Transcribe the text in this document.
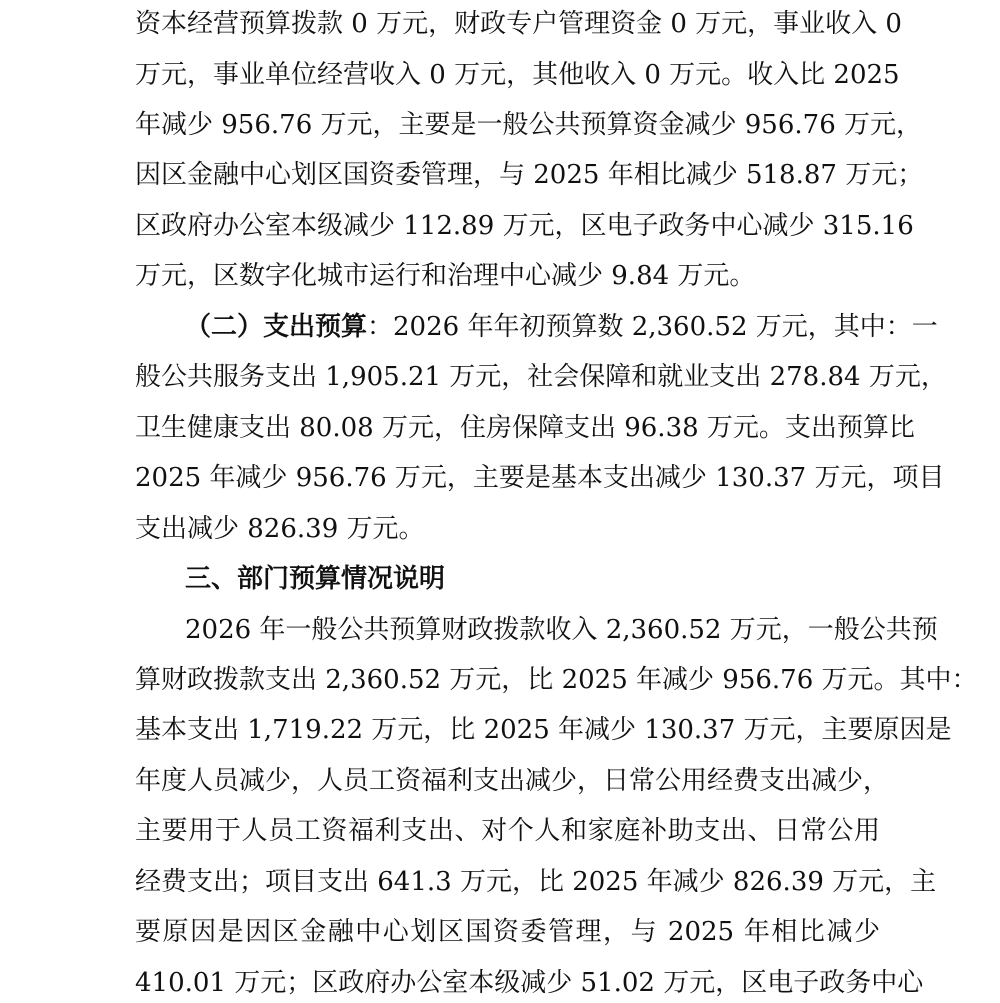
资本经营预算拨款 0 万元，财政专户管理资金 0 万元，事业收入 0
万元，事业单位经营收入 0 万元，其他收入 0 万元。收入比 2025
年减少 956.76 万元，主要是一般公共预算资金减少 956.76 万元，
因区金融中心划区国资委管理，与 2025 年相比减少 518.87 万元；
区政府办公室本级减少 112.89 万元，区电子政务中心减少 315.16
万元，区数字化城市运行和治理中心减少 9.84 万元。
（二）支出预算：2026 年年初预算数 2,360.52 万元，其中：一
般公共服务支出 1,905.21 万元，社会保障和就业支出 278.84 万元，
卫生健康支出 80.08 万元，住房保障支出 96.38 万元。支出预算比
2025 年减少 956.76 万元，主要是基本支出减少 130.37 万元，项目
支出减少 826.39 万元。
三、部门预算情况说明
2026 年一般公共预算财政拨款收入 2,360.52 万元，一般公共预
算财政拨款支出 2,360.52 万元，比 2025 年减少 956.76 万元。其中：
基本支出 1,719.22 万元，比 2025 年减少 130.37 万元，主要原因是
年度人员减少，人员工资福利支出减少，日常公用经费支出减少，
主要用于人员工资福利支出、对个人和家庭补助支出、日常公用
经费支出；项目支出 641.3 万元，比 2025 年减少 826.39 万元，主
要原因是因区金融中心划区国资委管理，与 2025 年相比减少
410.01 万元；区政府办公室本级减少 51.02 万元，区电子政务中心
